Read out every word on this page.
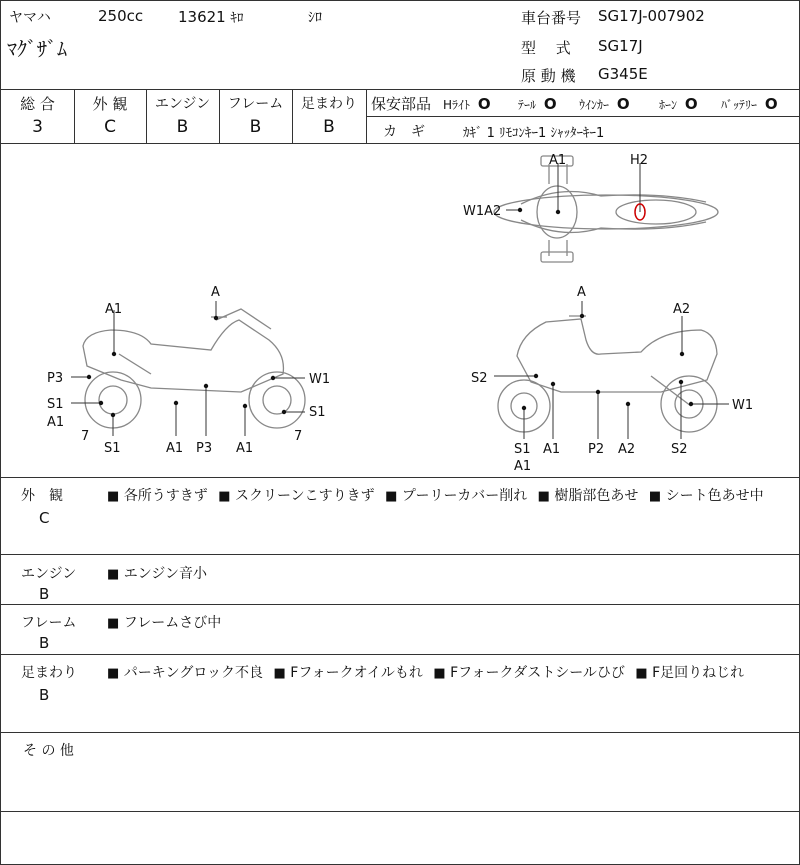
ヤマハ	250cc 13621 ｷﾛ	ｼﾛ
ﾏｸﾞｻﾞﾑ
車台番号 SG17J-007902
型　 式 SG17J
原 動 機 G345E
総 合	外 観	エンジン	フレーム	足まわり
3	C	B	B	B
保安部品 Hﾗｲﾄ O ﾃｰﾙ O ｳｲﾝｶｰ O ﾎｰﾝ O ﾊﾞｯﾃﾘｰ O
カ　ギ	ｶｷﾞ 1 ﾘﾓｺﾝｷｰ1 ｼｬｯﾀｰｷｰ1
A1	H2
W1A2
A
A1
P3
S1
A1
7
W1
S1
7
S1	A1 P3 A1
A
A2
S2
W1
S1
A1
A1 P2 A2	S2
外　観
C
■ 各所うすきず ■ スクリーンこすりきず ■ プーリーカバー削れ ■ 樹脂部色あせ ■ シート色あせ中
エンジン
B
■ エンジン音小
フレーム
B
■ フレームさび中
足まわり
B
■ パーキングロック不良 ■ Fフォークオイルもれ ■ Fフォークダストシールひび ■ F足回りねじれ
そ の 他
